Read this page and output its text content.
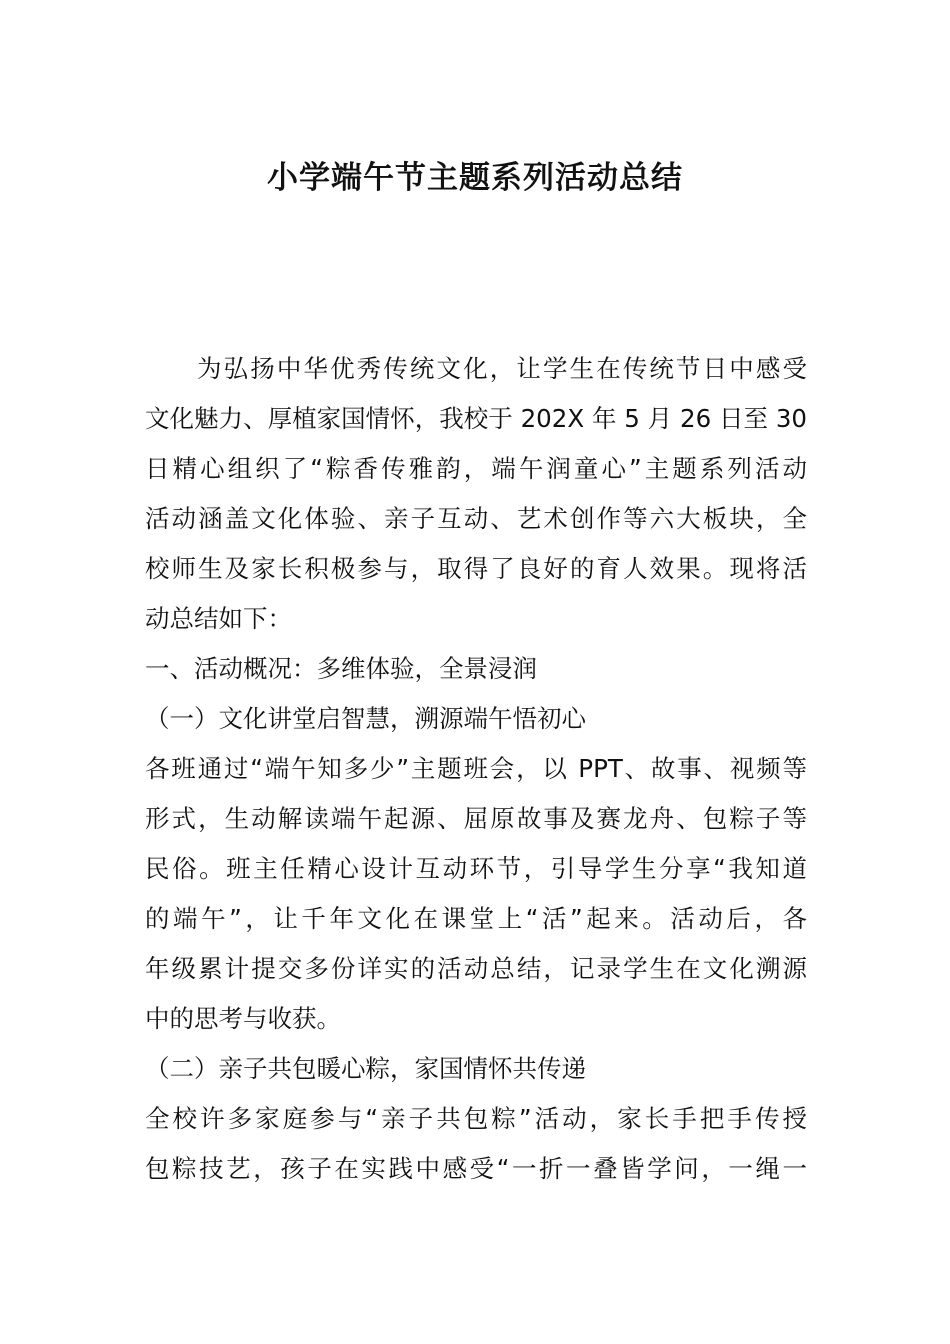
小学端午节主题系列活动总结
为弘扬中华优秀传统文化，让学生在传统节日中感受
文化魅力、厚植家国情怀，我校于 202X 年 5 月 26 日至 30
日精心组织了“粽香传雅韵，端午润童心”主题系列活动
活动涵盖文化体验、亲子互动、艺术创作等六大板块，全
校师生及家长积极参与，取得了良好的育人效果。现将活
动总结如下：
一、活动概况：多维体验，全景浸润
（一）文化讲堂启智慧，溯源端午悟初心
各班通过“端午知多少”主题班会，以 PPT、故事、视频等
形式，生动解读端午起源、屈原故事及赛龙舟、包粽子等
民俗。班主任精心设计互动环节，引导学生分享“我知道
的端午”，让千年文化在课堂上“活”起来。活动后，各
年级累计提交多份详实的活动总结，记录学生在文化溯源
中的思考与收获。
（二）亲子共包暖心粽，家国情怀共传递
全校许多家庭参与“亲子共包粽”活动，家长手把手传授
包粽技艺，孩子在实践中感受“一折一叠皆学问，一绳一
